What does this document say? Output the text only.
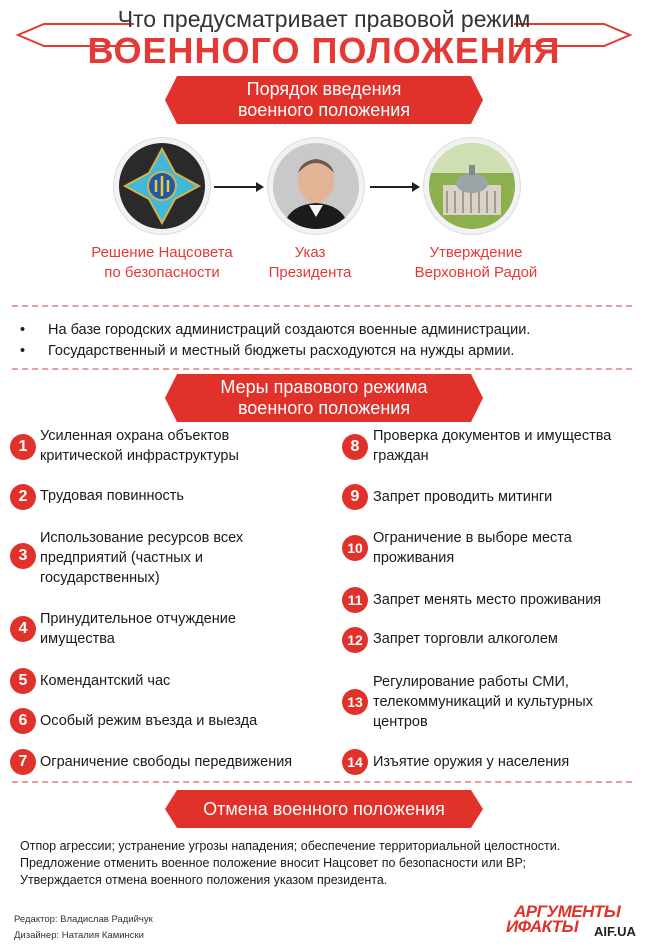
Что предусматривает правовой режим
ВОЕННОГО ПОЛОЖЕНИЯ
Порядок введения
военного положения
Решение Нацсовета
по безопасности
Указ
Президента
Утверждение
Верховной Радой
• На базе городских администраций создаются военные администрации.
• Государственный и местный бюджеты расходуются на нужды армии.
Меры правового режима
военного положения
1
Усиленная охрана объектов
критической инфраструктуры
2 Трудовая повинность
3
Использование ресурсов всех
предприятий (частных и
государственных)
4
Принудительное отчуждение
имущества
5 Комендантский час
6 Особый режим въезда и выезда
7 Ограничение свободы передвижения
8
Проверка документов и имущества
граждан
9 Запрет проводить митинги
10
Ограничение в выборе места
проживания
11 Запрет менять место проживания
12 Запрет торговли алкоголем
13
Регулирование работы СМИ,
телекоммуникаций и культурных
центров
14 Изъятие оружия у населения
Отмена военного положения
Отпор агрессии; устранение угрозы нападения; обеспечение территориальной целостности.
Предложение отменить военное положение вносит Нацсовет по безопасности или ВР;
Утверждается отмена военного положения указом президента.
Редактор: Владислав Радийчук
Дизайнер: Наталия Камински
АРГУМЕНТЫ
ИФАКТЫ AIF.UA
